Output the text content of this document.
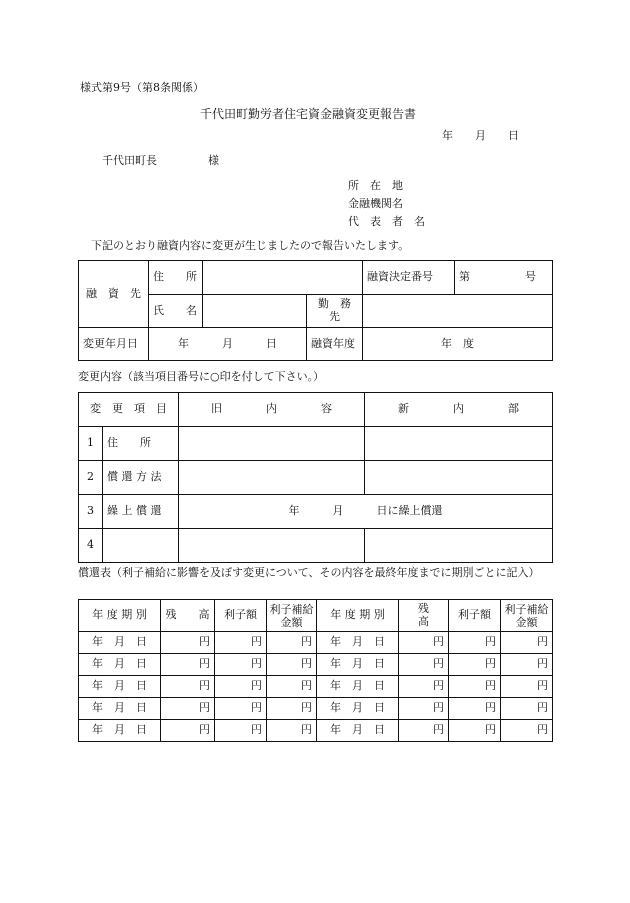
様式第9号（第8条関係）
千代田町勤労者住宅資金融資変更報告書
年　　月　　日
千代田町長	様
所　在　地
金融機関名
代　表　者　名
下記のとおり融資内容に変更が生じましたので報告いたします。
融　資　先	住　　所			融資決定番号	第　　　　　号
	氏　　名		勤　務　先		
変更年月日	年　　　月　　　日		融資年度	年　度	
変更内容（該当項目番号に○印を付して下さい。）
変　更　項　目		旧　　　　内　　　　容	新　　　　内　　　　部
1	住　　所		
2	償 還 方 法		
3	繰 上 償 還	年　　　月　　　日に繰上償還	
4			
償還表（利子補給に影響を及ぼす変更について、その内容を最終年度までに期別ごとに記入）
年 度 期 別	残　　高	利子額	利子補給金額	年 度 期 別	残　　高	利子額	利子補給金額
年　月　日	円	円	円	年　月　日	円	円	円
年　月　日	円	円	円	年　月　日	円	円	円
年　月　日	円	円	円	年　月　日	円	円	円
年　月　日	円	円	円	年　月　日	円	円	円
年　月　日	円	円	円	年　月　日	円	円	円
